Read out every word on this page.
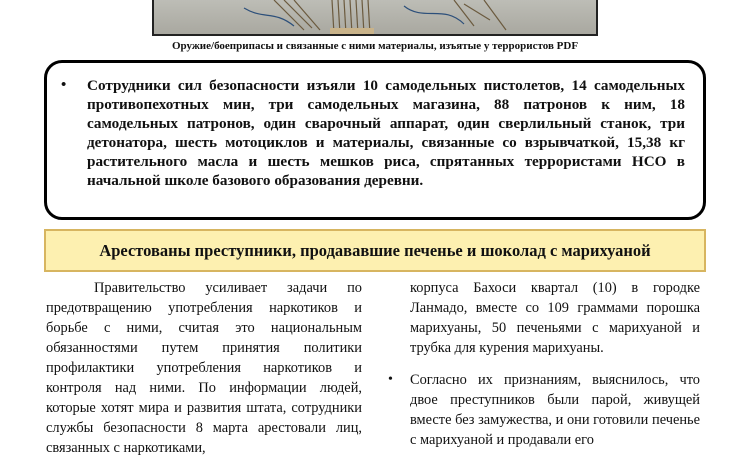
Оружие/боеприпасы и связанные с ними материалы, изъятые у террористов PDF
• Сотрудники сил безопасности изъяли 10 самодельных пистолетов, 14 самодельных противопехотных мин, три самодельных магазина, 88 патронов к ним, 18 самодельных патронов, один сварочный аппарат, один сверлильный станок, три детонатора, шесть мотоциклов и материалы, связанные со взрывчаткой, 15,38 кг растительного масла и шесть мешков риса, спрятанных террористами НСО в начальной школе базового образования деревни.

Арестованы преступники, продававшие печенье и шоколад с марихуаной

Правительство усиливает задачи по предотвращению употребления наркотиков и борьбе с ними, считая это национальным обязанностями путем принятия политики профилактики употребления наркотиков и контроля над ними. По информации людей, которые хотят мира и развития штата, сотрудники службы безопасности 8 марта арестовали лиц, связанных с наркотиками,

корпуса Бахоси квартал (10) в городке Ланмадо, вместе со 109 граммами порошка марихуаны, 50 печеньями с марихуаной и трубка для курения марихуаны.
• Согласно их признаниям, выяснилось, что двое преступников были парой, живущей вместе без замужества, и они готовили печенье с марихуаной и продавали его
